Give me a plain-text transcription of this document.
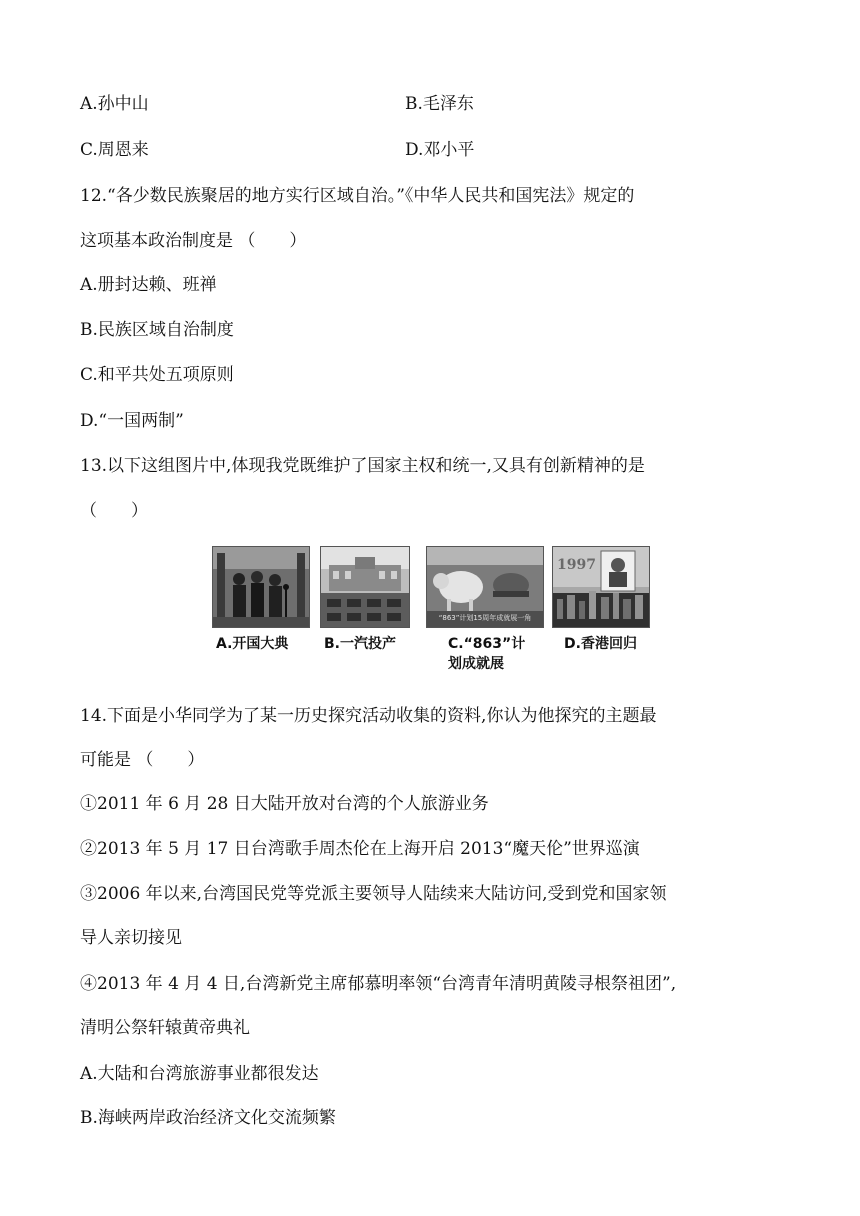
A.孙中山	B.毛泽东
C.周恩来	D.邓小平
12.“各少数民族聚居的地方实行区域自治。”《中华人民共和国宪法》规定的
这项基本政治制度是 （　　）
A.册封达赖、班禅
B.民族区域自治制度
C.和平共处五项原则
D.“一国两制”
13.以下这组图片中,体现我党既维护了国家主权和统一,又具有创新精神的是
（　　）
“863”计划15周年成就展一角
1997
A.开国大典	B.一汽投产	C.“863”计
划成就展
D.香港回归
14.下面是小华同学为了某一历史探究活动收集的资料,你认为他探究的主题最
可能是 （　　）
①2011 年 6 月 28 日大陆开放对台湾的个人旅游业务
②2013 年 5 月 17 日台湾歌手周杰伦在上海开启 2013“魔天伦”世界巡演
③2006 年以来,台湾国民党等党派主要领导人陆续来大陆访问,受到党和国家领
导人亲切接见
④2013 年 4 月 4 日,台湾新党主席郁慕明率领“台湾青年清明黄陵寻根祭祖团”,
清明公祭轩辕黄帝典礼
A.大陆和台湾旅游事业都很发达
B.海峡两岸政治经济文化交流频繁
